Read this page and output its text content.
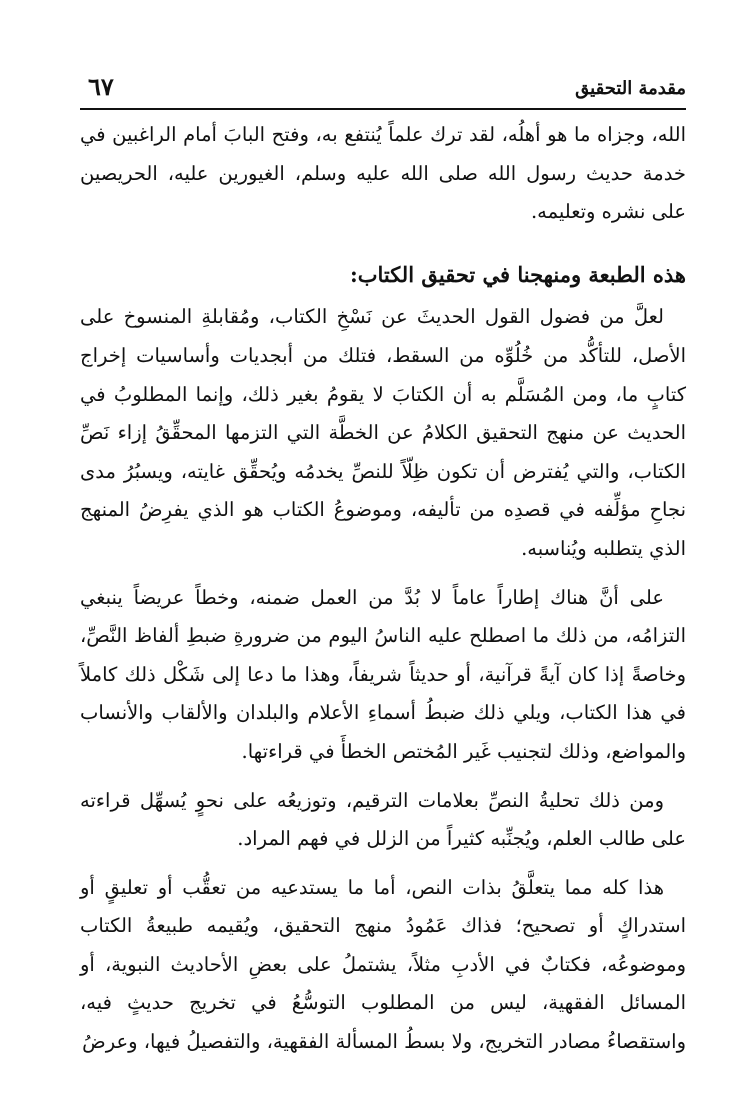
مقدمة التحقيق
٦٧

الله، وجزاه ما هو أهلُه، لقد ترك علماً يُنتفع به، وفتح البابَ أمام الراغبين في خدمة حديث رسول الله صلى الله عليه وسلم، الغيورين عليه، الحريصين على نشره وتعليمه.

هذه الطبعة ومنهجنا في تحقيق الكتاب:

لعلَّ من فضول القول الحديثَ عن نَسْخِ الكتاب، ومُقابلةِ المنسوخ على الأصل، للتأكُّد من خُلُوِّه من السقط، فتلك من أبجديات وأساسيات إخراج كتابٍ ما، ومن المُسَلَّم به أن الكتابَ لا يقومُ بغير ذلك، وإنما المطلوبُ في الحديث عن منهج التحقيق الكلامُ عن الخطَّة التي التزمها المحقِّقُ إزاء نَصِّ الكتاب، والتي يُفترض أن تكون ظِلّاً للنصِّ يخدمُه ويُحقِّق غايته، ويسبُرُ مدى نجاحِ مؤلِّفه في قصدِه من تأليفه، وموضوعُ الكتاب هو الذي يفرِضُ المنهج الذي يتطلبه ويُناسبه.

على أنَّ هناك إطاراً عاماً لا بُدَّ من العمل ضمنه، وخطاً عريضاً ينبغي التزامُه، من ذلك ما اصطلح عليه الناسُ اليوم من ضرورةِ ضبطِ ألفاظ النَّصِّ، وخاصةً إذا كان آيةً قرآنية، أو حديثاً شريفاً، وهذا ما دعا إلى شَكْل ذلك كاملاً في هذا الكتاب، ويلي ذلك ضبطُ أسماءِ الأعلام والبلدان والألقاب والأنساب والمواضع، وذلك لتجنيب غَير المُختص الخطأَ في قراءتها.

ومن ذلك تحليةُ النصِّ بعلامات الترقيم، وتوزيعُه على نحوٍ يُسهِّل قراءته على طالب العلم، ويُجنِّبه كثيراً من الزلل في فهم المراد.

هذا كله مما يتعلَّقُ بذات النص، أما ما يستدعيه من تعقُّب أو تعليقٍ أو استدراكٍ أو تصحيح؛ فذاك عَمُودُ منهج التحقيق، ويُقيمه طبيعةُ الكتاب وموضوعُه، فكتابٌ في الأدبِ مثلاً، يشتملُ على بعضِ الأحاديث النبوية، أو المسائل الفقهية، ليس من المطلوب التوسُّعُ في تخريج حديثٍ فيه، واستقصاءُ مصادر التخريج، ولا بسطُ المسألة الفقهية، والتفصيلُ فيها، وعرضُ
